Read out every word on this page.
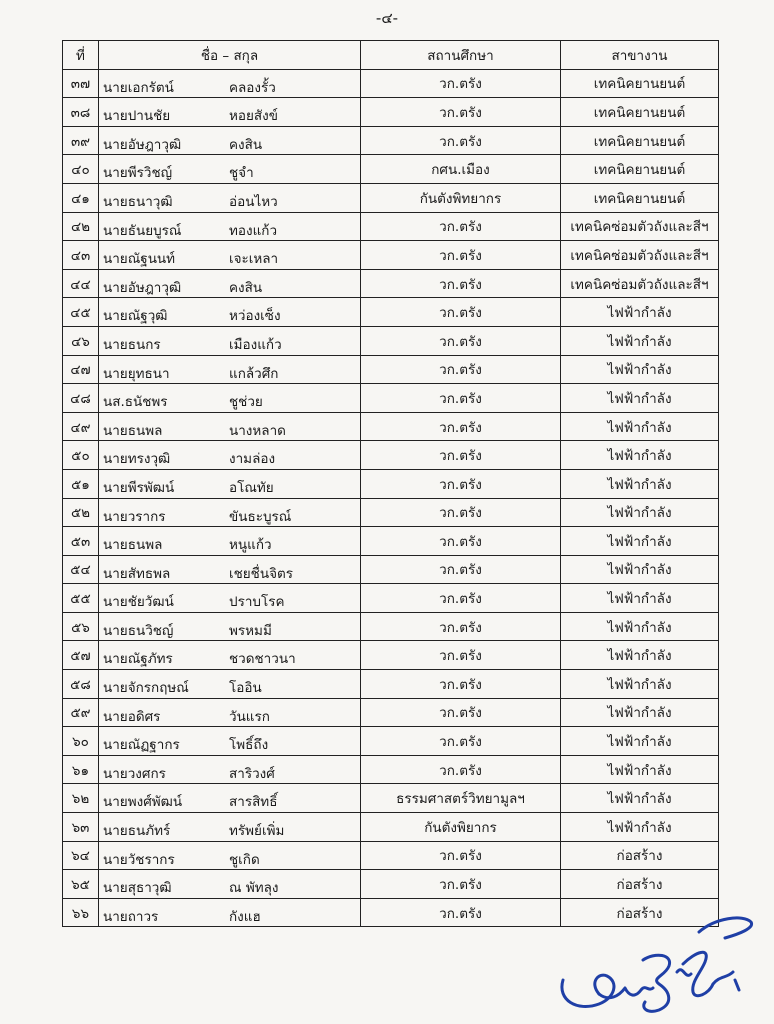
-๔-
ที่	ชื่อ – สกุล	สถานศึกษา	สาขางาน
๓๗	นายเอกรัตน์ คลองรั้ว	วก.ตรัง	เทคนิคยานยนต์
๓๘	นายปานชัย หอยสังข์	วก.ตรัง	เทคนิคยานยนต์
๓๙	นายอัษฎาวุฒิ คงสิน	วก.ตรัง	เทคนิคยานยนต์
๔๐	นายพีรวิชญ์ ชูจำ	กศน.เมือง	เทคนิคยานยนต์
๔๑	นายธนาวุฒิ อ่อนไหว	กันตังพิทยากร	เทคนิคยานยนต์
๔๒	นายธันยบูรณ์ ทองแก้ว	วก.ตรัง	เทคนิคซ่อมตัวถังและสีฯ
๔๓	นายณัฐนนท์ เจะเหลา	วก.ตรัง	เทคนิคซ่อมตัวถังและสีฯ
๔๔	นายอัษฎาวุฒิ คงสิน	วก.ตรัง	เทคนิคซ่อมตัวถังและสีฯ
๔๕	นายณัฐวุฒิ หว่องเซ็ง	วก.ตรัง	ไฟฟ้ากำลัง
๔๖	นายธนกร เมืองแก้ว	วก.ตรัง	ไฟฟ้ากำลัง
๔๗	นายยุทธนา แกล้วศึก	วก.ตรัง	ไฟฟ้ากำลัง
๔๘	นส.ธนัชพร ชูช่วย	วก.ตรัง	ไฟฟ้ากำลัง
๔๙	นายธนพล นางหลาด	วก.ตรัง	ไฟฟ้ากำลัง
๕๐	นายทรงวุฒิ งามล่อง	วก.ตรัง	ไฟฟ้ากำลัง
๕๑	นายพีรพัฒน์ อโณทัย	วก.ตรัง	ไฟฟ้ากำลัง
๕๒	นายวรากร ขันธะบูรณ์	วก.ตรัง	ไฟฟ้ากำลัง
๕๓	นายธนพล หนูแก้ว	วก.ตรัง	ไฟฟ้ากำลัง
๕๔	นายสัทธพล เชยชื่นจิตร	วก.ตรัง	ไฟฟ้ากำลัง
๕๕	นายชัยวัฒน์ ปราบโรค	วก.ตรัง	ไฟฟ้ากำลัง
๕๖	นายธนวิชญ์ พรหมมี	วก.ตรัง	ไฟฟ้ากำลัง
๕๗	นายณัฐภัทร ชวดชาวนา	วก.ตรัง	ไฟฟ้ากำลัง
๕๘	นายจักรกฤษณ์ โออิน	วก.ตรัง	ไฟฟ้ากำลัง
๕๙	นายอดิศร วันแรก	วก.ตรัง	ไฟฟ้ากำลัง
๖๐	นายณัฏฐากร โพธิ์ถึง	วก.ตรัง	ไฟฟ้ากำลัง
๖๑	นายวงศกร สาริวงศ์	วก.ตรัง	ไฟฟ้ากำลัง
๖๒	นายพงศ์พัฒน์ สารสิทธิ์	ธรรมศาสตร์วิทยามูลฯ	ไฟฟ้ากำลัง
๖๓	นายธนภัทร์ ทรัพย์เพิ่ม	กันตังพิยากร	ไฟฟ้ากำลัง
๖๔	นายวัชรากร ชูเกิด	วก.ตรัง	ก่อสร้าง
๖๕	นายสุธาวุฒิ ณ พัทลุง	วก.ตรัง	ก่อสร้าง
๖๖	นายถาวร กังแฮ	วก.ตรัง	ก่อสร้าง
